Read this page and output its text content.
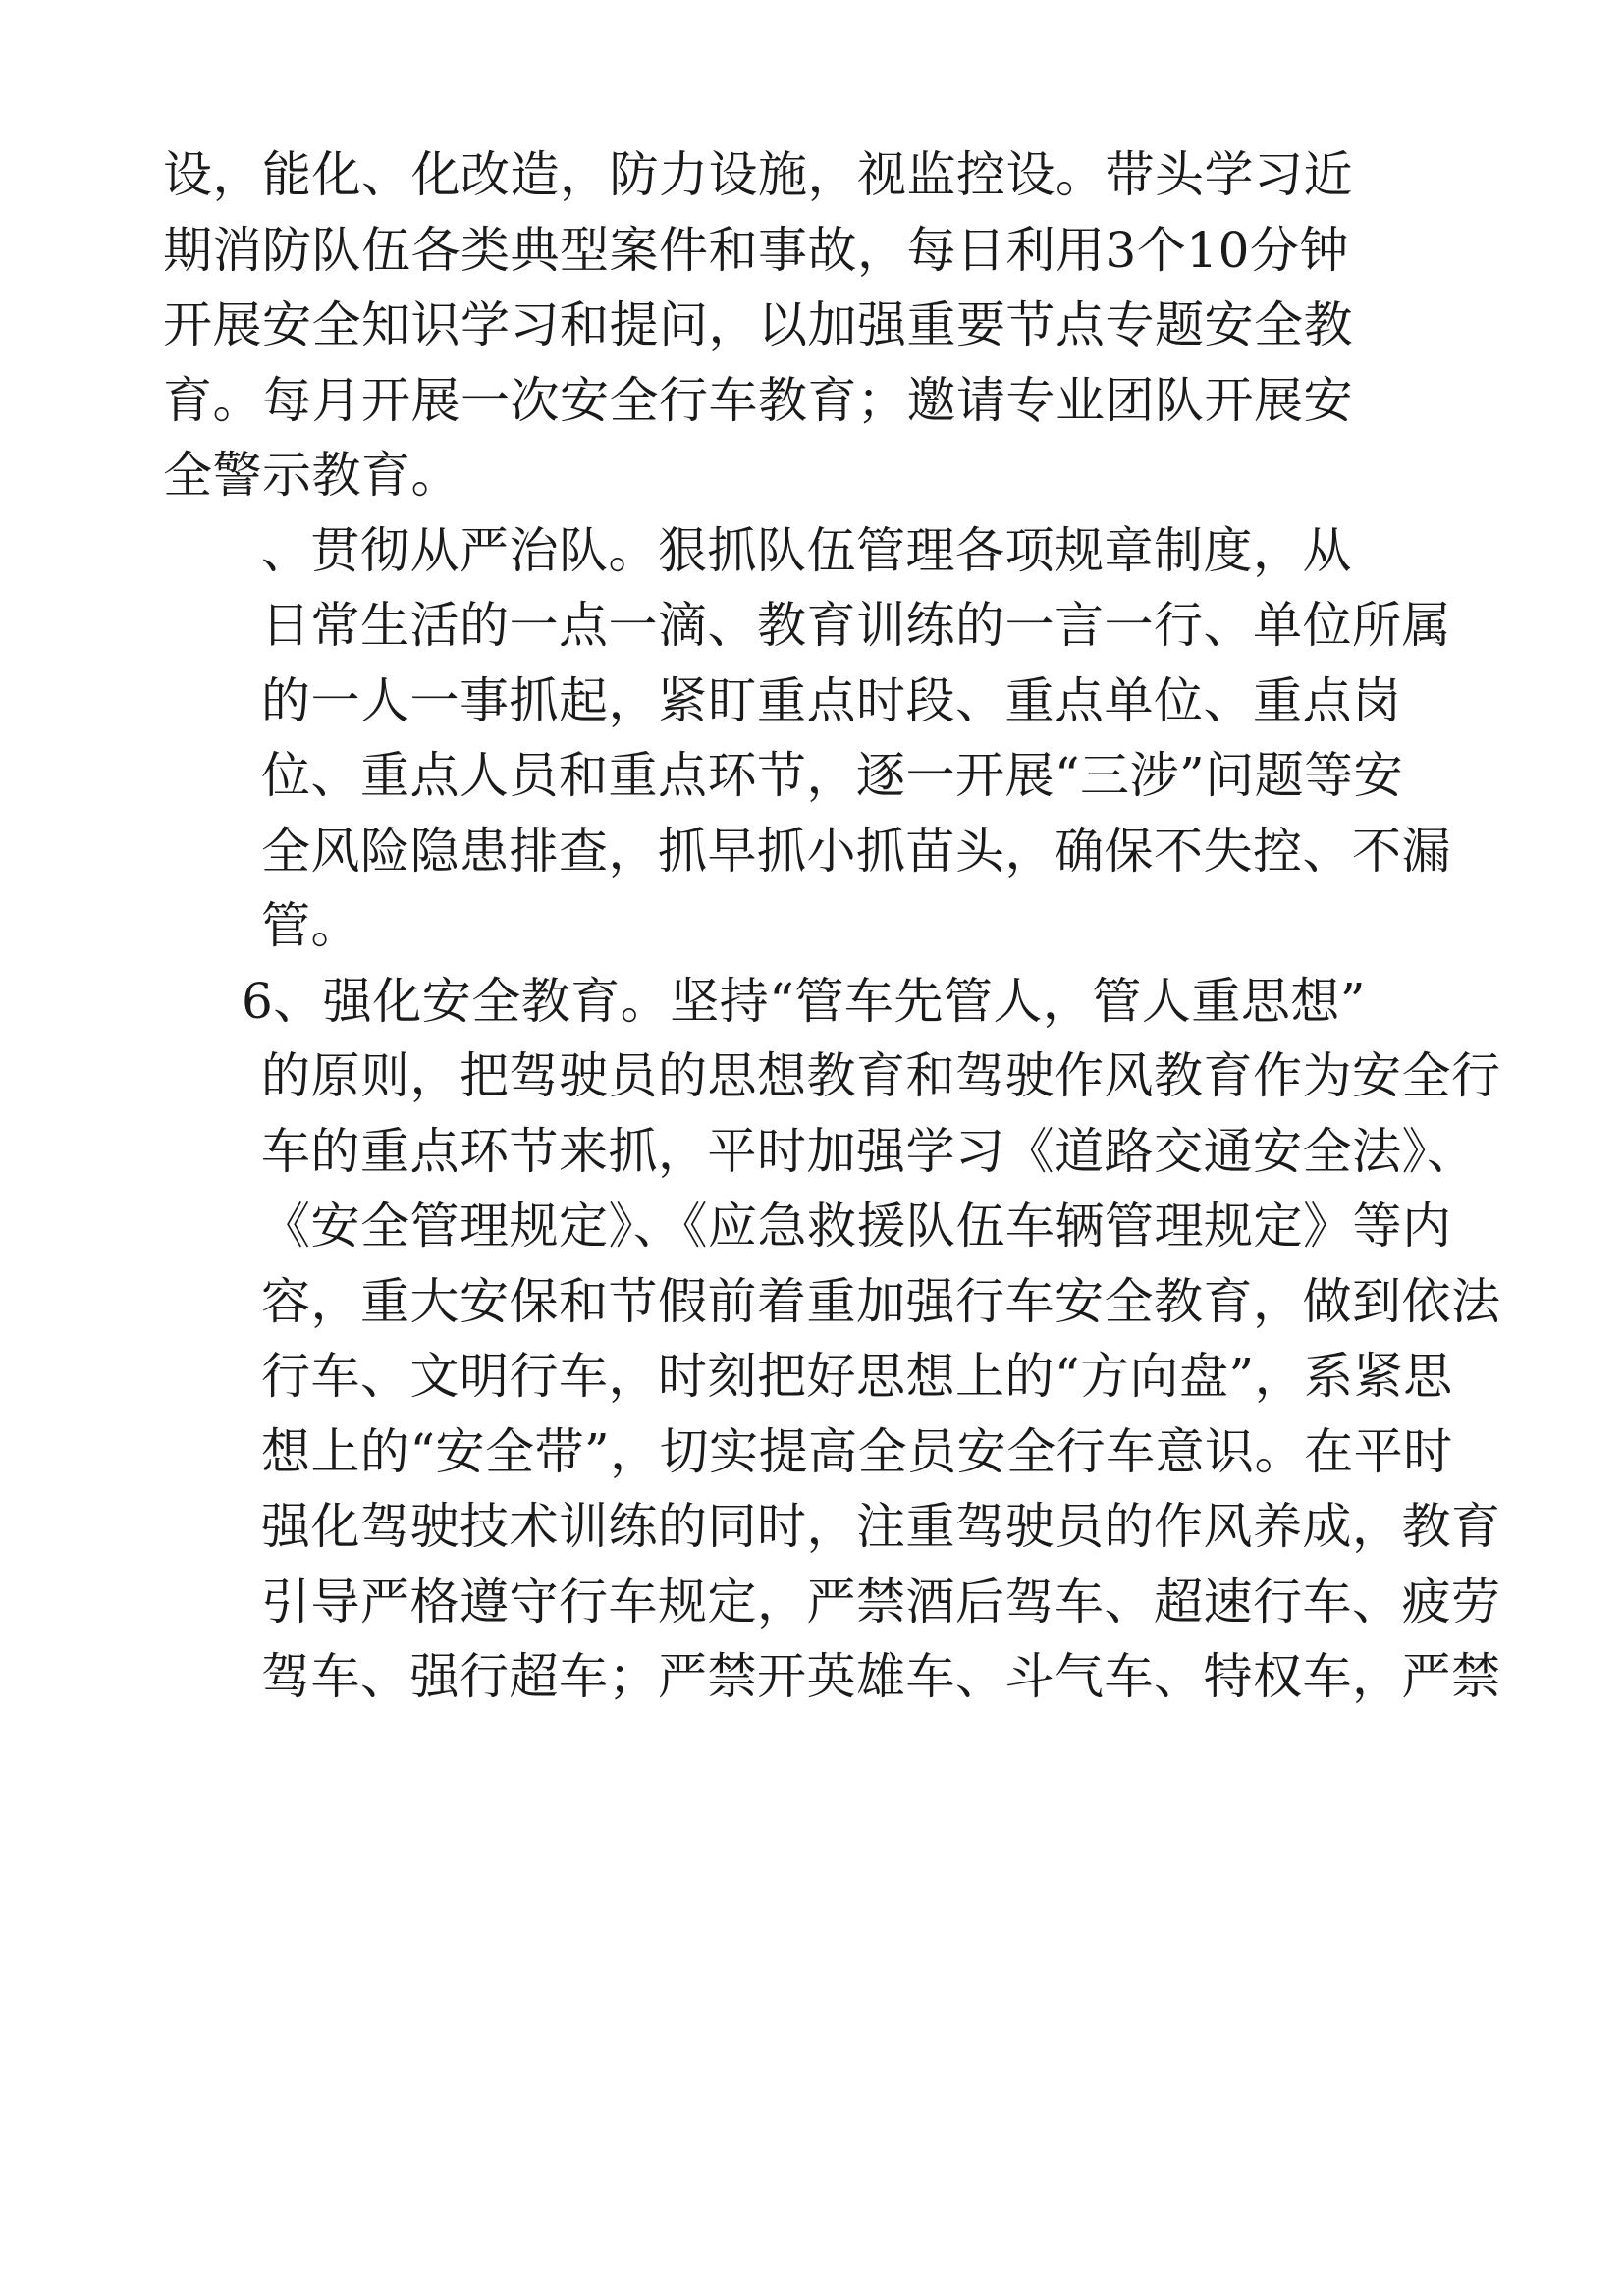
设，能化、化改造，防力设施，视监控设。带头学习近
期消防队伍各类典型案件和事故，每日利用3个10分钟
开展安全知识学习和提问，以加强重要节点专题安全教
育。每月开展一次安全行车教育；邀请专业团队开展安
全警示教育。

、贯彻从严治队。狠抓队伍管理各项规章制度，从
日常生活的一点一滴、教育训练的一言一行、单位所属
的一人一事抓起，紧盯重点时段、重点单位、重点岗
位、重点人员和重点环节，逐一开展“三涉”问题等安
全风险隐患排查，抓早抓小抓苗头，确保不失控、不漏
管。

6、强化安全教育。坚持“管车先管人，管人重思想”
的原则，把驾驶员的思想教育和驾驶作风教育作为安全行
车的重点环节来抓，平时加强学习《道路交通安全法》、
《安全管理规定》、《应急救援队伍车辆管理规定》等内
容，重大安保和节假前着重加强行车安全教育，做到依法
行车、文明行车，时刻把好思想上的“方向盘”，系紧思
想上的“安全带”，切实提高全员安全行车意识。在平时
强化驾驶技术训练的同时，注重驾驶员的作风养成，教育
引导严格遵守行车规定，严禁酒后驾车、超速行车、疲劳
驾车、强行超车；严禁开英雄车、斗气车、特权车，严禁
